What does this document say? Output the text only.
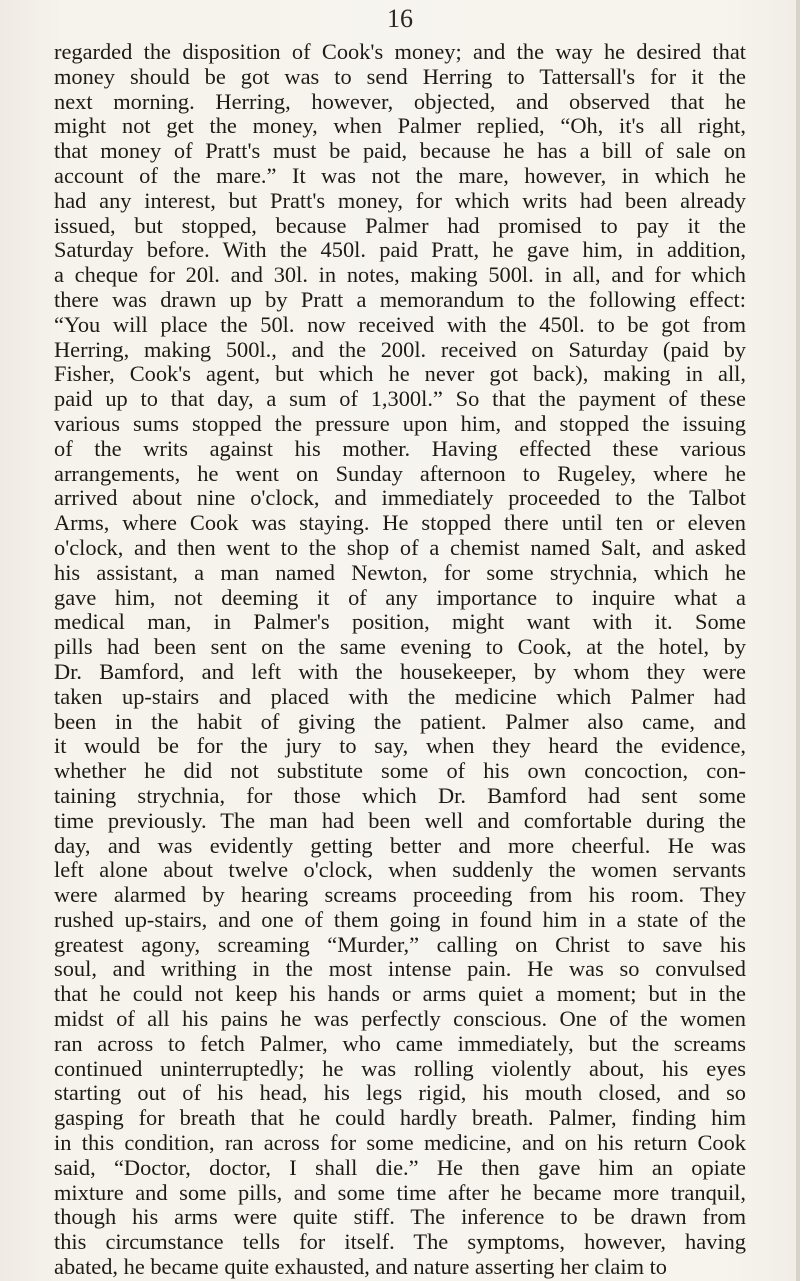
16
regarded the disposition of Cook's money; and the way he desired that
money should be got was to send Herring to Tattersall's for it the
next morning. Herring, however, objected, and observed that he
might not get the money, when Palmer replied, “Oh, it's all right,
that money of Pratt's must be paid, because he has a bill of sale on
account of the mare.” It was not the mare, however, in which he
had any interest, but Pratt's money, for which writs had been already
issued, but stopped, because Palmer had promised to pay it the
Saturday before. With the 450l. paid Pratt, he gave him, in addition,
a cheque for 20l. and 30l. in notes, making 500l. in all, and for which
there was drawn up by Pratt a memorandum to the following effect:
“You will place the 50l. now received with the 450l. to be got from
Herring, making 500l., and the 200l. received on Saturday (paid by
Fisher, Cook's agent, but which he never got back), making in all,
paid up to that day, a sum of 1,300l.” So that the payment of these
various sums stopped the pressure upon him, and stopped the issuing
of the writs against his mother. Having effected these various
arrangements, he went on Sunday afternoon to Rugeley, where he
arrived about nine o'clock, and immediately proceeded to the Talbot
Arms, where Cook was staying. He stopped there until ten or eleven
o'clock, and then went to the shop of a chemist named Salt, and asked
his assistant, a man named Newton, for some strychnia, which he
gave him, not deeming it of any importance to inquire what a
medical man, in Palmer's position, might want with it. Some
pills had been sent on the same evening to Cook, at the hotel, by
Dr. Bamford, and left with the housekeeper, by whom they were
taken up-stairs and placed with the medicine which Palmer had
been in the habit of giving the patient. Palmer also came, and
it would be for the jury to say, when they heard the evidence,
whether he did not substitute some of his own concoction, con-
taining strychnia, for those which Dr. Bamford had sent some
time previously. The man had been well and comfortable during the
day, and was evidently getting better and more cheerful. He was
left alone about twelve o'clock, when suddenly the women servants
were alarmed by hearing screams proceeding from his room. They
rushed up-stairs, and one of them going in found him in a state of the
greatest agony, screaming “Murder,” calling on Christ to save his
soul, and writhing in the most intense pain. He was so convulsed
that he could not keep his hands or arms quiet a moment; but in the
midst of all his pains he was perfectly conscious. One of the women
ran across to fetch Palmer, who came immediately, but the screams
continued uninterruptedly; he was rolling violently about, his eyes
starting out of his head, his legs rigid, his mouth closed, and so
gasping for breath that he could hardly breath. Palmer, finding him
in this condition, ran across for some medicine, and on his return Cook
said, “Doctor, doctor, I shall die.” He then gave him an opiate
mixture and some pills, and some time after he became more tranquil,
though his arms were quite stiff. The inference to be drawn from
this circumstance tells for itself. The symptoms, however, having
abated, he became quite exhausted, and nature asserting her claim to
